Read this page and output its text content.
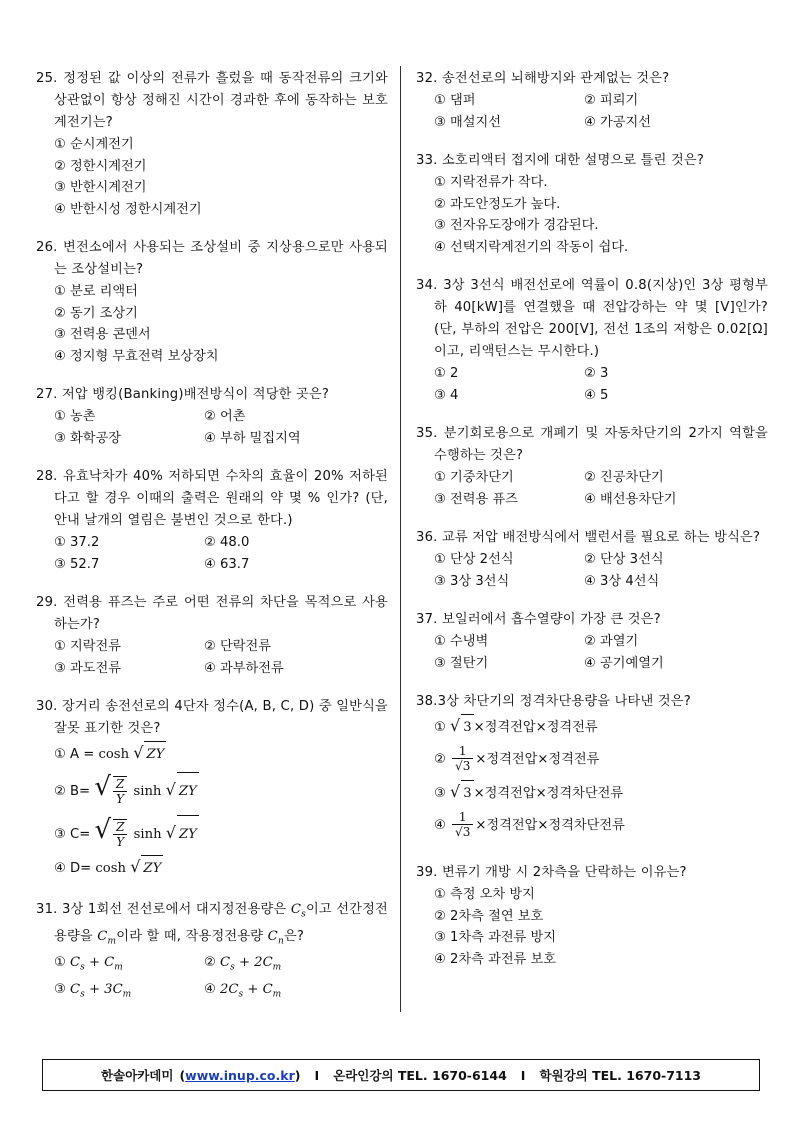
25. 정정된 값 이상의 전류가 흘렀을 때 동작전류의 크기와 상관없이 항상 정해진 시간이 경과한 후에 동작하는 보호계전기는?
① 순시계전기
② 정한시계전기
③ 반한시계전기
④ 반한시성 정한시계전기
26. 변전소에서 사용되는 조상설비 중 지상용으로만 사용되는 조상설비는?
① 분로 리액터
② 동기 조상기
③ 전력용 콘덴서
④ 정지형 무효전력 보상장치
27. 저압 뱅킹(Banking)배전방식이 적당한 곳은?
① 농촌	② 어촌
③ 화학공장	④ 부하 밀집지역
28. 유효낙차가 40% 저하되면 수차의 효율이 20% 저하된다고 할 경우 이때의 출력은 원래의 약 몇 % 인가? (단, 안내 날개의 열림은 불변인 것으로 한다.)
① 37.2	② 48.0
③ 52.7	④ 63.7
29. 전력용 퓨즈는 주로 어떤 전류의 차단을 목적으로 사용하는가?
① 지락전류	② 단락전류
③ 과도전류	④ 과부하전류
30. 장거리 송전선로의 4단자 정수(A, B, C, D) 중 일반식을 잘못 표기한 것은?
① A = cosh √ ZY
② B= √ $\frac{Z}{Y}$ sinh √ ZY
③ C= √ $\frac{Z}{Y}$ sinh √ ZY
④ D= cosh √ ZY
31. 3상 1회선 전선로에서 대지정전용량은 $C_s$이고 선간정전용량을 $C_m$이라 할 때, 작용정전용량 $C_n$은?
① $C_s + C_m$	② $C_s + 2C_m$
③ $C_s + 3C_m$	④ $2C_s + C_m$
32. 송전선로의 뇌해방지와 관계없는 것은?
① 댐퍼	② 피뢰기
③ 매설지선	④ 가공지선
33. 소호리액터 접지에 대한 설명으로 틀린 것은?
① 지락전류가 작다.
② 과도안정도가 높다.
③ 전자유도장애가 경감된다.
④ 선택지락계전기의 작동이 쉽다.
34. 3상 3선식 배전선로에 역률이 0.8(지상)인 3상 평형부하 40[kW]를 연결했을 때 전압강하는 약 몇 [V]인가? (단, 부하의 전압은 200[V], 전선 1조의 저항은 0.02[Ω]이고, 리액턴스는 무시한다.)
① 2	② 3
③ 4	④ 5
35. 분기회로용으로 개폐기 및 자동차단기의 2가지 역할을 수행하는 것은?
① 기중차단기	② 진공차단기
③ 전력용 퓨즈	④ 배선용차단기
36. 교류 저압 배전방식에서 밸런서를 필요로 하는 방식은?
① 단상 2선식	② 단상 3선식
③ 3상 3선식	④ 3상 4선식
37. 보일러에서 흡수열량이 가장 큰 것은?
① 수냉벽	② 과열기
③ 절탄기	④ 공기예열기
38.3상 차단기의 정격차단용량을 나타낸 것은?
① √ 3 ×정격전압×정격전류
② $\frac{1}{√3}$ ×정격전압×정격전류
③ √ 3 ×정격전압×정격차단전류
④ $\frac{1}{√3}$ ×정격전압×정격차단전류
39. 변류기 개방 시 2차측을 단락하는 이유는?
① 측정 오차 방지
② 2차측 절연 보호
③ 1차측 과전류 방지
④ 2차측 과전류 보호
한솔아카데미 (www.inup.co.kr) I 온라인강의 TEL. 1670-6144 I 학원강의 TEL. 1670-7113
